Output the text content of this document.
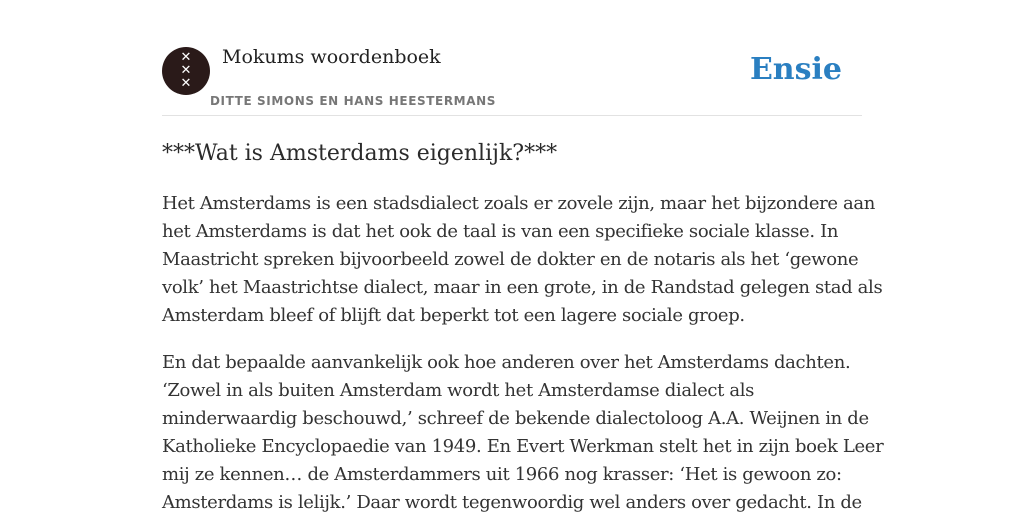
✕
✕
✕
Mokums woordenboek
DITTE SIMONS EN HANS HEESTERMANS
Ensie
***Wat is Amsterdams eigenlijk?***

Het Amsterdams is een stadsdialect zoals er zovele zijn, maar het bijzondere aan
het Amsterdams is dat het ook de taal is van een specifieke sociale klasse. In
Maastricht spreken bijvoorbeeld zowel de dokter en de notaris als het ‘gewone
volk’ het Maastrichtse dialect, maar in een grote, in de Randstad gelegen stad als
Amsterdam bleef of blijft dat beperkt tot een lagere sociale groep.

En dat bepaalde aanvankelijk ook hoe anderen over het Amsterdams dachten.
‘Zowel in als buiten Amsterdam wordt het Amsterdamse dialect als
minderwaardig beschouwd,’ schreef de bekende dialectoloog A.A. Weijnen in de
Katholieke Encyclopaedie van 1949. En Evert Werkman stelt het in zijn boek Leer
mij ze kennen… de Amsterdammers uit 1966 nog krasser: ‘Het is gewoon zo:
Amsterdams is lelijk.’ Daar wordt tegenwoordig wel anders over gedacht. In de
